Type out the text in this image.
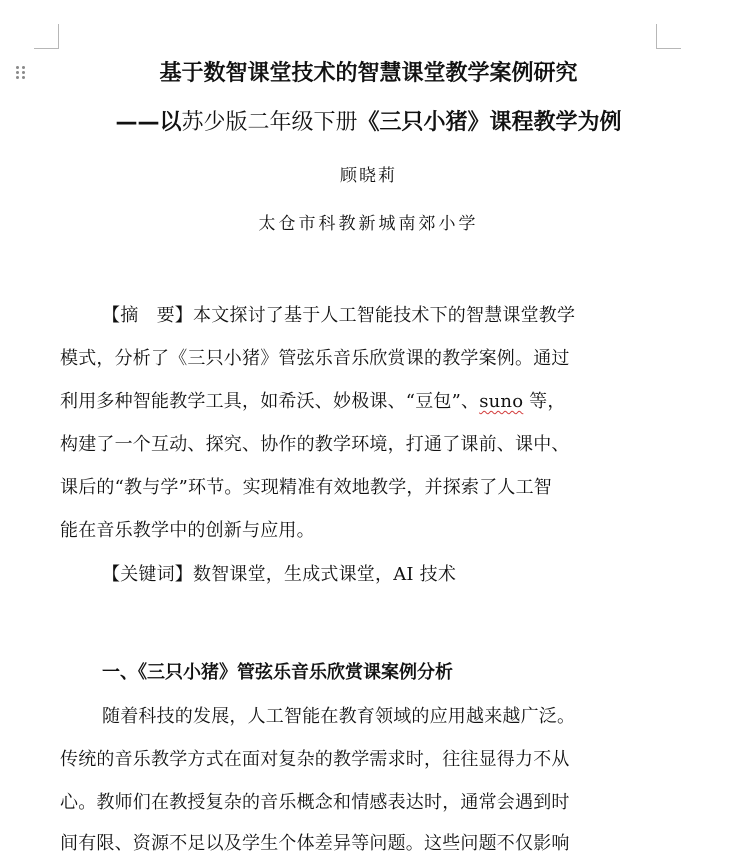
基于数智课堂技术的智慧课堂教学案例研究
——以苏少版二年级下册《三只小猪》课程教学为例
顾晓莉
太仓市科教新城南郊小学
【摘　要】本文探讨了基于人工智能技术下的智慧课堂教学
模式，分析了《三只小猪》管弦乐音乐欣赏课的教学案例。通过
利用多种智能教学工具，如希沃、妙极课、“豆包”、suno 等，
构建了一个互动、探究、协作的教学环境，打通了课前、课中、
课后的“教与学”环节。实现精准有效地教学，并探索了人工智
能在音乐教学中的创新与应用。
【关键词】数智课堂，生成式课堂，AI 技术
一、《三只小猪》管弦乐音乐欣赏课案例分析
随着科技的发展，人工智能在教育领域的应用越来越广泛。
传统的音乐教学方式在面对复杂的教学需求时，往往显得力不从
心。教师们在教授复杂的音乐概念和情感表达时，通常会遇到时
间有限、资源不足以及学生个体差异等问题。这些问题不仅影响
